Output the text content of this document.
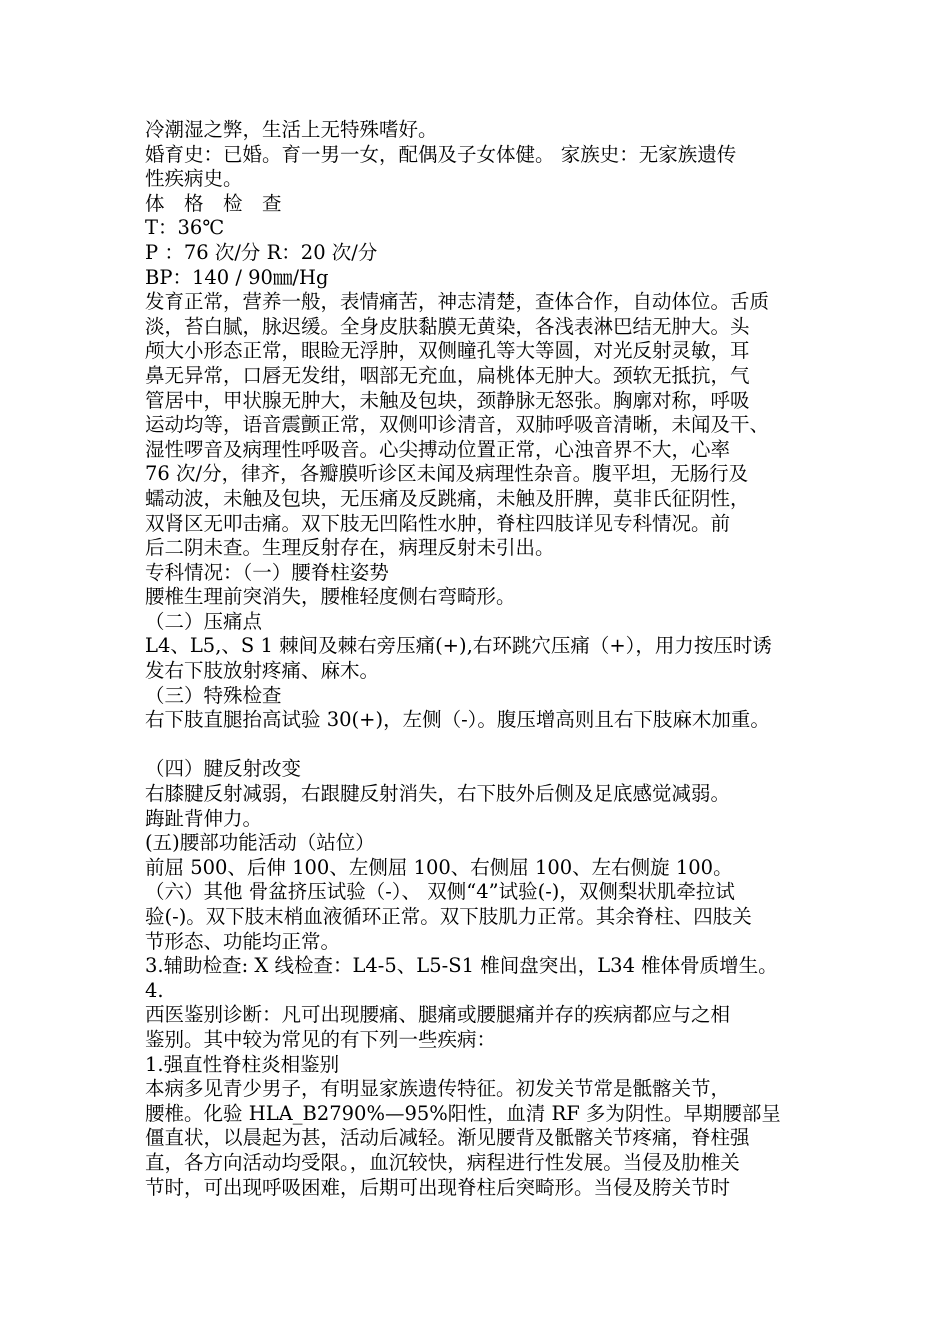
冷潮湿之弊，生活上无特殊嗜好。
婚育史：已婚。育一男一女，配偶及子女体健。 家族史：无家族遗传
性疾病史。
体　格　检　查
T：36℃
P ：76 次/分 R：20 次/分
BP：140 / 90㎜/Hg
发育正常，营养一般，表情痛苦，神志清楚，查体合作，自动体位。舌质
淡，苔白腻，脉迟缓。全身皮肤黏膜无黄染，各浅表淋巴结无肿大。头
颅大小形态正常，眼睑无浮肿，双侧瞳孔等大等圆，对光反射灵敏，耳
鼻无异常，口唇无发绀，咽部无充血，扁桃体无肿大。颈软无抵抗，气
管居中，甲状腺无肿大，未触及包块，颈静脉无怒张。胸廓对称，呼吸
运动均等，语音震颤正常，双侧叩诊清音，双肺呼吸音清晰，未闻及干、
湿性啰音及病理性呼吸音。心尖搏动位置正常，心浊音界不大，心率
76 次/分，律齐，各瓣膜听诊区未闻及病理性杂音。腹平坦，无肠行及
蠕动波，未触及包块，无压痛及反跳痛，未触及肝脾，莫非氏征阴性，
双肾区无叩击痛。双下肢无凹陷性水肿，脊柱四肢详见专科情况。前
后二阴未查。生理反射存在，病理反射未引出。
专科情况：（一）腰脊柱姿势
腰椎生理前突消失，腰椎轻度侧右弯畸形。
（二）压痛点
L4、L5,、S 1 棘间及棘右旁压痛(+),右环跳穴压痛（+），用力按压时诱
发右下肢放射疼痛、麻木。
（三）特殊检查
右下肢直腿抬高试验 30(+)，左侧（-）。腹压增高则且右下肢麻木加重。
（四）腱反射改变
右膝腱反射减弱，右跟腱反射消失，右下肢外后侧及足底感觉减弱。
踇趾背伸力。
(五)腰部功能活动（站位）
前屈 500、后伸 100、左侧屈 100、右侧屈 100、左右侧旋 100。
（六）其他 骨盆挤压试验（-）、 双侧“4”试验(-)，双侧梨状肌牵拉试
验(-)。双下肢末梢血液循环正常。双下肢肌力正常。其余脊柱、四肢关
节形态、功能均正常。
3.辅助检查: X 线检查：L4-5、L5-S1 椎间盘突出，L34 椎体骨质增生。
4.
西医鉴别诊断：凡可出现腰痛、腿痛或腰腿痛并存的疾病都应与之相
鉴别。其中较为常见的有下列一些疾病：
1.强直性脊柱炎相鉴别
本病多见青少男子，有明显家族遗传特征。初发关节常是骶髂关节，
腰椎。化验 HLA_B2790%—95%阳性，血清 RF 多为阴性。早期腰部呈
僵直状，以晨起为甚，活动后减轻。渐见腰背及骶髂关节疼痛，脊柱强
直，各方向活动均受限。，血沉较快，病程进行性发展。当侵及肋椎关
节时，可出现呼吸困难，后期可出现脊柱后突畸形。当侵及胯关节时
